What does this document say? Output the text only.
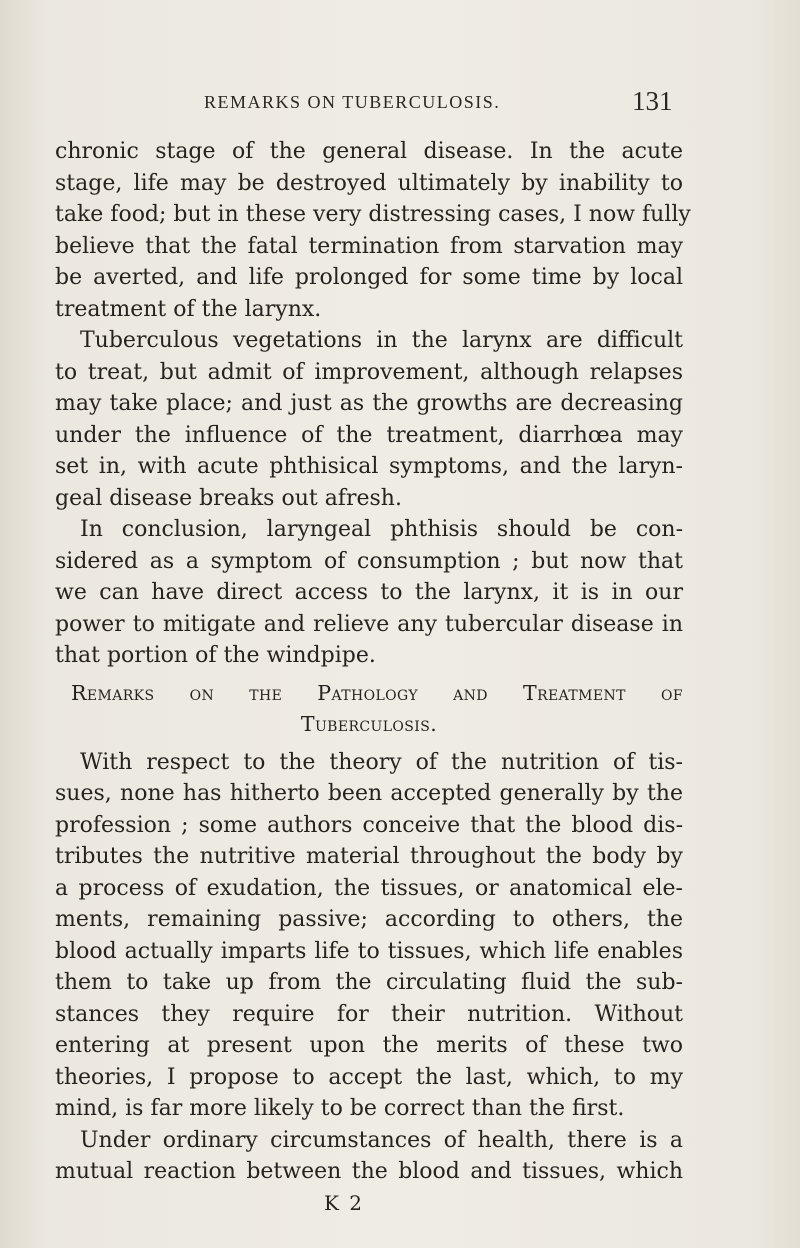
REMARKS ON TUBERCULOSIS.	131
chronic stage of the general disease. In the acute
stage, life may be destroyed ultimately by inability to
take food; but in these very distressing cases, I now fully
believe that the fatal termination from starvation may
be averted, and life prolonged for some time by local
treatment of the larynx.
Tuberculous vegetations in the larynx are difficult
to treat, but admit of improvement, although relapses
may take place; and just as the growths are decreasing
under the influence of the treatment, diarrhœa may
set in, with acute phthisical symptoms, and the laryn-
geal disease breaks out afresh.
In conclusion, laryngeal phthisis should be con-
sidered as a symptom of consumption ; but now that
we can have direct access to the larynx, it is in our
power to mitigate and relieve any tubercular disease in
that portion of the windpipe.
Remarks on the Pathology and Treatment of
Tuberculosis.
With respect to the theory of the nutrition of tis-
sues, none has hitherto been accepted generally by the
profession ; some authors conceive that the blood dis-
tributes the nutritive material throughout the body by
a process of exudation, the tissues, or anatomical ele-
ments, remaining passive; according to others, the
blood actually imparts life to tissues, which life enables
them to take up from the circulating fluid the sub-
stances they require for their nutrition. Without
entering at present upon the merits of these two
theories, I propose to accept the last, which, to my
mind, is far more likely to be correct than the first.
Under ordinary circumstances of health, there is a
mutual reaction between the blood and tissues, which
K 2
